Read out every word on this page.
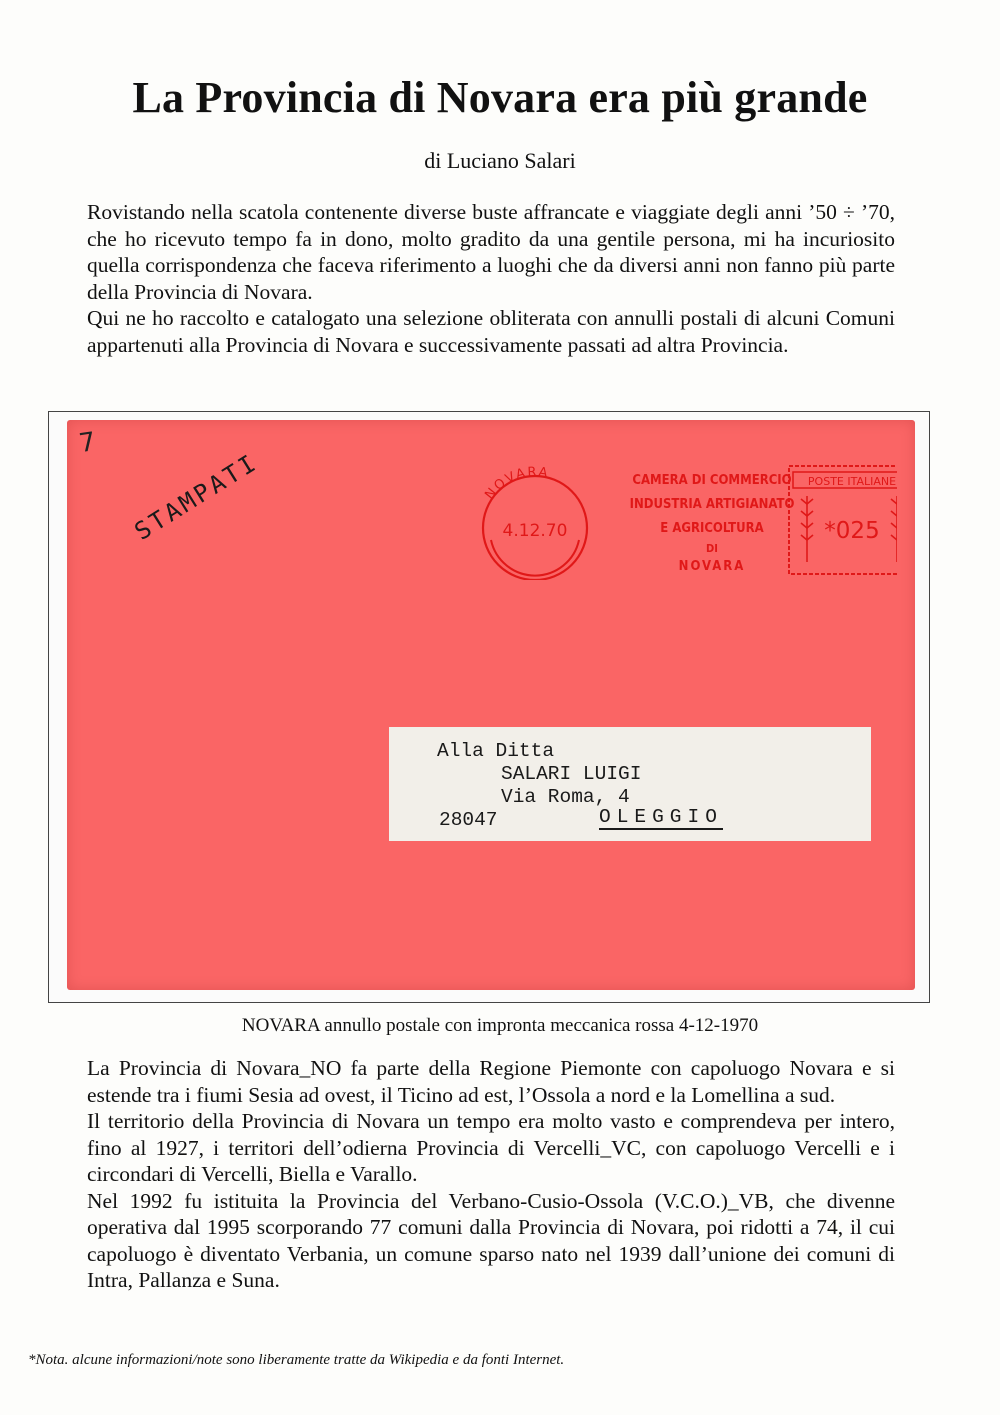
La Provincia di Novara era più grande
di Luciano Salari

Rovistando nella scatola contenente diverse buste affrancate e viaggiate degli anni ’50 ÷ ’70, che ho ricevuto tempo fa in dono, molto gradito da una gentile persona, mi ha incuriosito quella corrispondenza che faceva riferimento a luoghi che da diversi anni non fanno più parte della Provincia di Novara.

Qui ne ho raccolto e catalogato una selezione obliterata con annulli postali di alcuni Comuni appartenuti alla Provincia di Novara e successivamente passati ad altra Provincia.

7
STAMPATI	NOVARA
4.12.70
CAMERA DI COMMERCIO
INDUSTRIA ARTIGIANATO
E AGRICOLTURA
DI
NOVARA
POSTE ITALIANE
*025
Alla Ditta
SALARI LUIGI
Via Roma, 4
28047	OLEGGIO
NOVARA annullo postale con impronta meccanica rossa 4-12-1970

La Provincia di Novara_NO fa parte della Regione Piemonte con capoluogo Novara e si estende tra i fiumi Sesia ad ovest, il Ticino ad est, l’Ossola a nord e la Lomellina a sud.

Il territorio della Provincia di Novara un tempo era molto vasto e comprendeva per intero, fino al 1927, i territori dell’odierna Provincia di Vercelli_VC, con capoluogo Vercelli e i circondari di Vercelli, Biella e Varallo.

Nel 1992 fu istituita la Provincia del Verbano-Cusio-Ossola (V.C.O.)_VB, che divenne operativa dal 1995 scorporando 77 comuni dalla Provincia di Novara, poi ridotti a 74, il cui capoluogo è diventato Verbania, un comune sparso nato nel 1939 dall’unione dei comuni di Intra, Pallanza e Suna.

*Nota. alcune informazioni/note sono liberamente tratte da Wikipedia e da fonti Internet.
